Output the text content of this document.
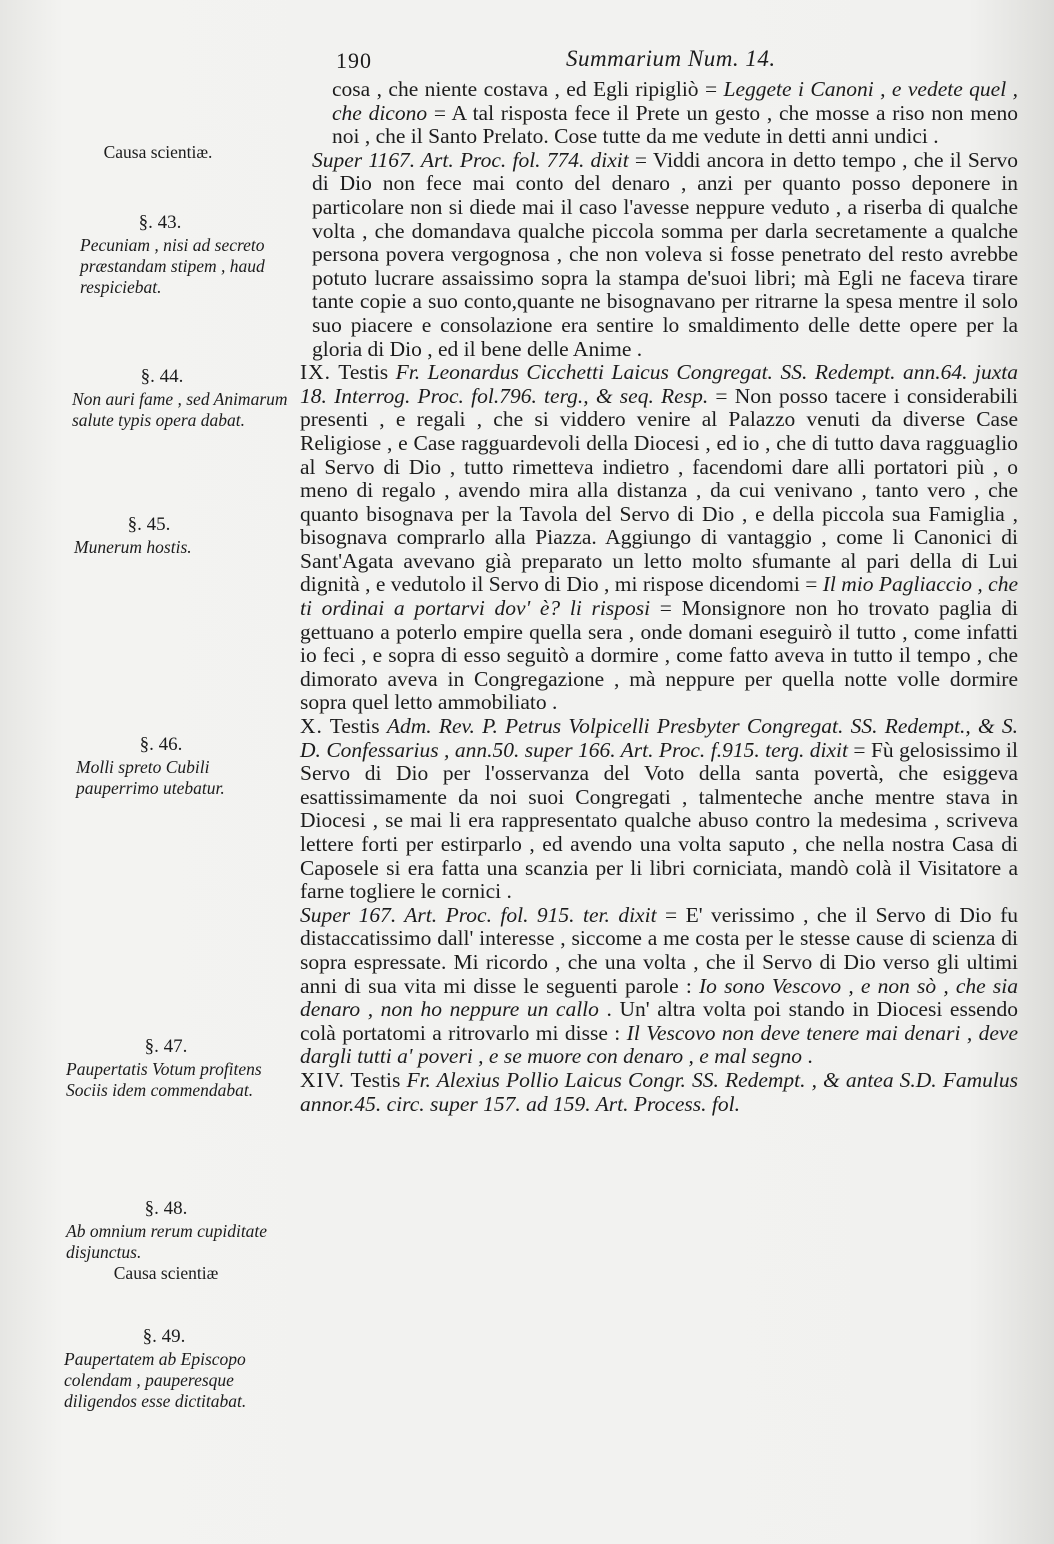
190	Summarium Num. 14.
Causa scientiæ.
§. 43.
Pecuniam , nisi ad secreto præstandam stipem , haud respiciebat.
§. 44.
Non auri fame , sed Animarum salute typis opera dabat.
§. 45.
Munerum hostis.
§. 46.
Molli spreto Cubili pauperrimo utebatur.
§. 47.
Paupertatis Votum profitens Sociis idem commendabat.
§. 48.
Ab omnium rerum cupiditate disjunctus.
Causa scientiæ
§. 49.
Paupertatem ab Episcopo colendam , pauperesque diligendos esse dictitabat.

cosa , che niente costava , ed Egli ripigliò = Leggete i Canoni , e vedete quel , che dicono = A tal risposta fece il Prete un gesto , che mosse a riso non meno noi , che il Santo Prelato. Cose tutte da me vedute in detti anni undici .

Super 1167. Art. Proc. fol. 774. dixit = Viddi ancora in detto tempo , che il Servo di Dio non fece mai conto del denaro , anzi per quanto posso deponere in particolare non si diede mai il caso l'avesse neppure veduto , a riserba di qualche volta , che domandava qualche piccola somma per darla secretamente a qualche persona povera vergognosa , che non voleva si fosse penetrato del resto avrebbe potuto lucrare assaissimo sopra la stampa de'suoi libri; mà Egli ne faceva tirare tante copie a suo conto,quante ne bisognavano per ritrarne la spesa mentre il solo suo piacere e consolazione era sentire lo smaldimento delle dette opere per la gloria di Dio , ed il bene delle Anime .

IX. Testis Fr. Leonardus Cicchetti Laicus Congregat. SS. Redempt. ann.64. juxta 18. Interrog. Proc. fol.796. terg., & seq. Resp. = Non posso tacere i considerabili presenti , e regali , che si viddero venire al Palazzo venuti da diverse Case Religiose , e Case ragguardevoli della Diocesi , ed io , che di tutto dava ragguaglio al Servo di Dio , tutto rimetteva indietro , facendomi dare alli portatori più , o meno di regalo , avendo mira alla distanza , da cui venivano , tanto vero , che quanto bisognava per la Tavola del Servo di Dio , e della piccola sua Famiglia , bisognava comprarlo alla Piazza. Aggiungo di vantaggio , come li Canonici di Sant'Agata avevano già preparato un letto molto sfumante al pari della di Lui dignità , e vedutolo il Servo di Dio , mi rispose dicendomi = Il mio Pagliaccio , che ti ordinai a portarvi dov' è? li risposi = Monsignore non ho trovato paglia di gettuano a poterlo empire quella sera , onde domani eseguirò il tutto , come infatti io feci , e sopra di esso seguitò a dormire , come fatto aveva in tutto il tempo , che dimorato aveva in Congregazione , mà neppure per quella notte volle dormire sopra quel letto ammobiliato .

X. Testis Adm. Rev. P. Petrus Volpicelli Presbyter Congregat. SS. Redempt., & S. D. Confessarius , ann.50. super 166. Art. Proc. f.915. terg. dixit = Fù gelosissimo il Servo di Dio per l'osservanza del Voto della santa povertà, che esiggeva esattissimamente da noi suoi Congregati , talmenteche anche mentre stava in Diocesi , se mai li era rappresentato qualche abuso contro la medesima , scriveva lettere forti per estirparlo , ed avendo una volta saputo , che nella nostra Casa di Caposele si era fatta una scanzia per li libri corniciata, mandò colà il Visitatore a farne togliere le cornici .

Super 167. Art. Proc. fol. 915. ter. dixit = E' verissimo , che il Servo di Dio fu distaccatissimo dall' interesse , siccome a me costa per le stesse cause di scienza di sopra espressate. Mi ricordo , che una volta , che il Servo di Dio verso gli ultimi anni di sua vita mi disse le seguenti parole : Io sono Vescovo , e non sò , che sia denaro , non ho neppure un callo . Un' altra volta poi stando in Diocesi essendo colà portatomi a ritrovarlo mi disse : Il Vescovo non deve tenere mai denari , deve dargli tutti a' poveri , e se muore con denaro , e mal segno .

XIV. Testis Fr. Alexius Pollio Laicus Congr. SS. Redempt. , & antea S.D. Famulus annor.45. circ. super 157. ad 159. Art. Process. fol.
